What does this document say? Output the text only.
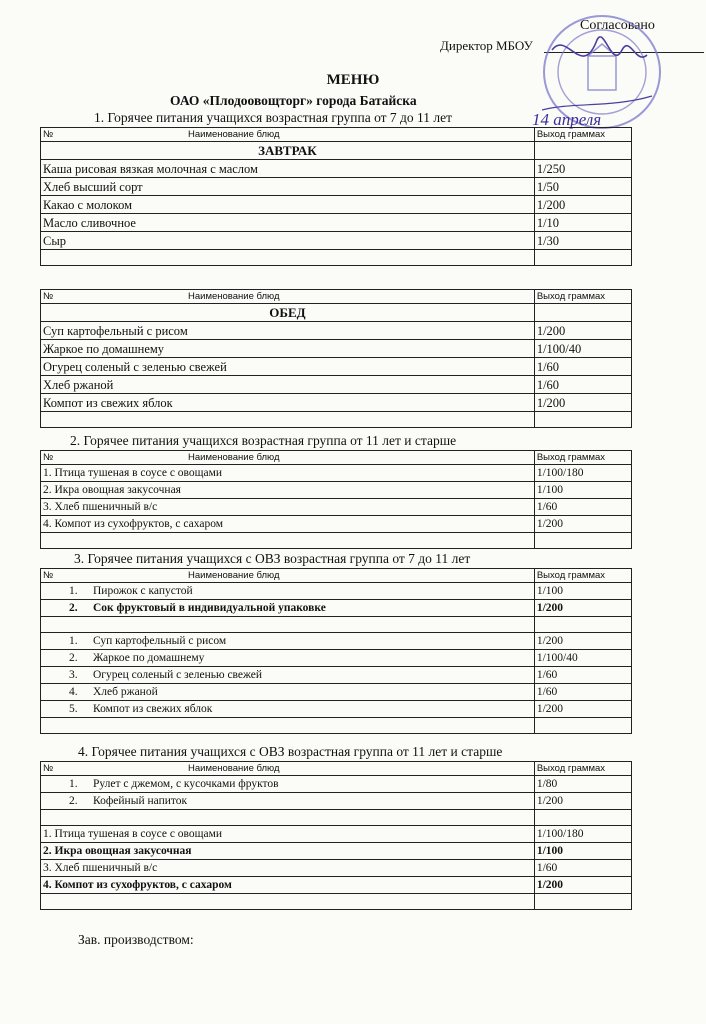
Согласовано
Директор МБОУ
14 апреля
МЕНЮ
ОАО «Плодоовощторг» города Батайска
1. Горячее питания учащихся возрастная группа от 7 до 11 лет
№ Наименование блюд	Выход граммах
ЗАВТРАК	
Каша рисовая вязкая молочная с маслом	1/250
Хлеб высший сорт	1/50
Какао с молоком	1/200
Масло сливочное	1/10
Сыр	1/30

№ Наименование блюд	Выход граммах
ОБЕД	
Суп картофельный с рисом	1/200
Жаркое по домашнему	1/100/40
Огурец соленый с зеленью свежей	1/60
Хлеб ржаной	1/60
Компот из свежих яблок	1/200

2. Горячее питания учащихся возрастная группа от 11 лет и старше
№ Наименование блюд	Выход граммах
1. Птица тушеная в соусе с овощами	1/100/180
2. Икра овощная закусочная	1/100
3. Хлеб пшеничный в/с	1/60
4. Компот из сухофруктов, с сахаром	1/200

3. Горячее питания учащихся с ОВЗ возрастная группа от 7 до 11 лет
№ Наименование блюд	Выход граммах
1. Пирожок с капустой	1/100
2. Сок фруктовый в индивидуальной упаковке	1/200

1. Суп картофельный с рисом	1/200
2. Жаркое по домашнему	1/100/40
3. Огурец соленый с зеленью свежей	1/60
4. Хлеб ржаной	1/60
5. Компот из свежих яблок	1/200

4. Горячее питания учащихся с ОВЗ возрастная группа от 11 лет и старше
№ Наименование блюд	Выход граммах
1. Рулет с джемом, с кусочками фруктов	1/80
2. Кофейный напиток	1/200

1. Птица тушеная в соусе с овощами	1/100/180
2. Икра овощная закусочная	1/100
3. Хлеб пшеничный в/с	1/60
4. Компот из сухофруктов, с сахаром	1/200

Зав. производством:
